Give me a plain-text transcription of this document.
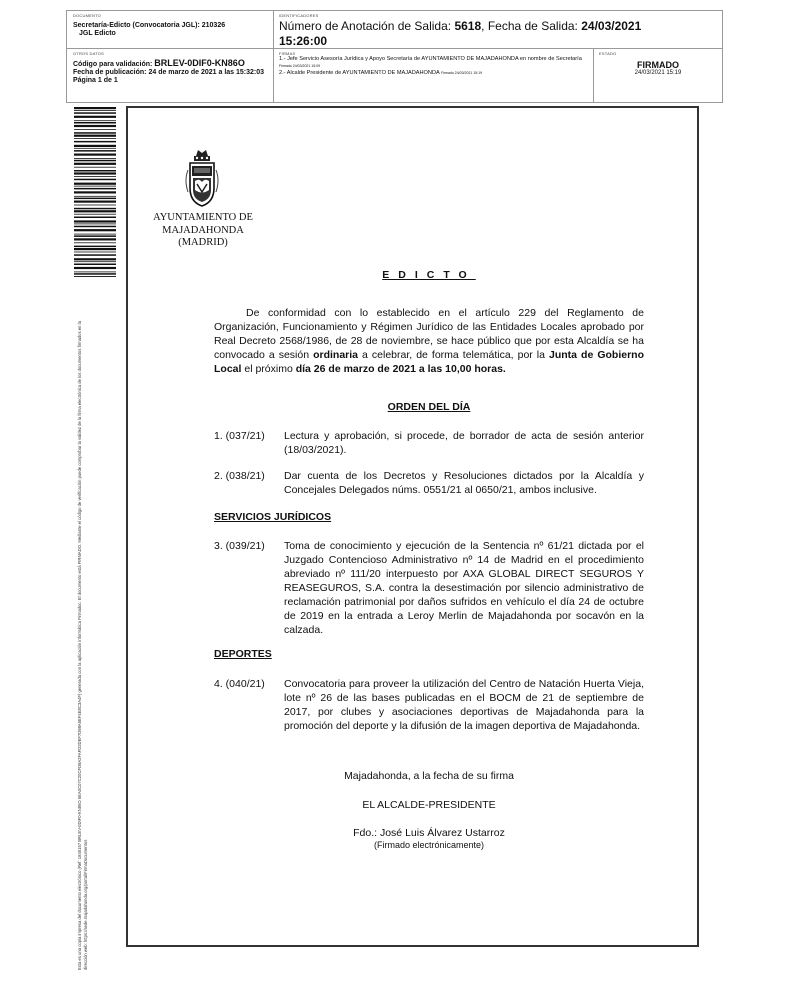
DOCUMENTO
Secretaría-Edicto (Convocatoria JGL): 210326
JGL Edicto
IDENTIFICADORES
Número de Anotación de Salida: 5618, Fecha de Salida: 24/03/2021
15:26:00
OTROS DATOS
Código para validación: BRLEV-0DIF0-KN86O
Fecha de publicación: 24 de marzo de 2021 a las 15:32:03
Página 1 de 1
FIRMAS
1.- Jefe Servicio Asesoría Jurídica y Apoyo Secretaría de AYUNTAMIENTO DE MAJADAHONDA en nombre de Secretaría Firmado 24/03/2021 15:09
2.- Alcalde Presidente de AYUNTAMIENTO DE MAJADAHONDA Firmado 24/03/2021 15:19
ESTADO
FIRMADO
24/03/2021 15:19
Esta es una copia impresa del documento electrónico (Ref: 1845157 BRLEV-0DIF0-KN86O 6EA0C07C20CFD8A2FAFD2DEF7D98A5EF4E8C3A4F) generada con la aplicación informática Firmadoc. El documento está FIRMADO. Mediante el código de verificación puede comprobar la validez de la firma electrónica de los documentos firmados en la dirección web: https://sede.majadahonda.org/portal/FirmaDocumentos
AYUNTAMIENTO DE
MAJADAHONDA
(MADRID)
EDICTO
De conformidad con lo establecido en el artículo 229 del Reglamento de Organización, Funcionamiento y Régimen Jurídico de las Entidades Locales aprobado por Real Decreto 2568/1986, de 28 de noviembre, se hace público que por esta Alcaldía se ha convocado a sesión ordinaria a celebrar, de forma telemática, por la Junta de Gobierno Local el próximo día 26 de marzo de 2021 a las 10,00 horas.
ORDEN DEL DÍA
1. (037/21) Lectura y aprobación, si procede, de borrador de acta de sesión anterior (18/03/2021).
2. (038/21) Dar cuenta de los Decretos y Resoluciones dictados por la Alcaldía y Concejales Delegados núms. 0551/21 al 0650/21, ambos inclusive.
SERVICIOS JURÍDICOS
3. (039/21) Toma de conocimiento y ejecución de la Sentencia nº 61/21 dictada por el Juzgado Contencioso Administrativo nº 14 de Madrid en el procedimiento abreviado nº 111/20 interpuesto por AXA GLOBAL DIRECT SEGUROS Y REASEGUROS, S.A. contra la desestimación por silencio administrativo de reclamación patrimonial por daños sufridos en vehículo el día 24 de octubre de 2019 en la entrada a Leroy Merlin de Majadahonda por socavón en la calzada.
DEPORTES
4. (040/21) Convocatoria para proveer la utilización del Centro de Natación Huerta Vieja, lote nº 26 de las bases publicadas en el BOCM de 21 de septiembre de 2017, por clubes y asociaciones deportivas de Majadahonda para la promoción del deporte y la difusión de la imagen deportiva de Majadahonda.
Majadahonda, a la fecha de su firma
EL ALCALDE-PRESIDENTE
Fdo.: José Luis Álvarez Ustarroz
(Firmado electrónicamente)
